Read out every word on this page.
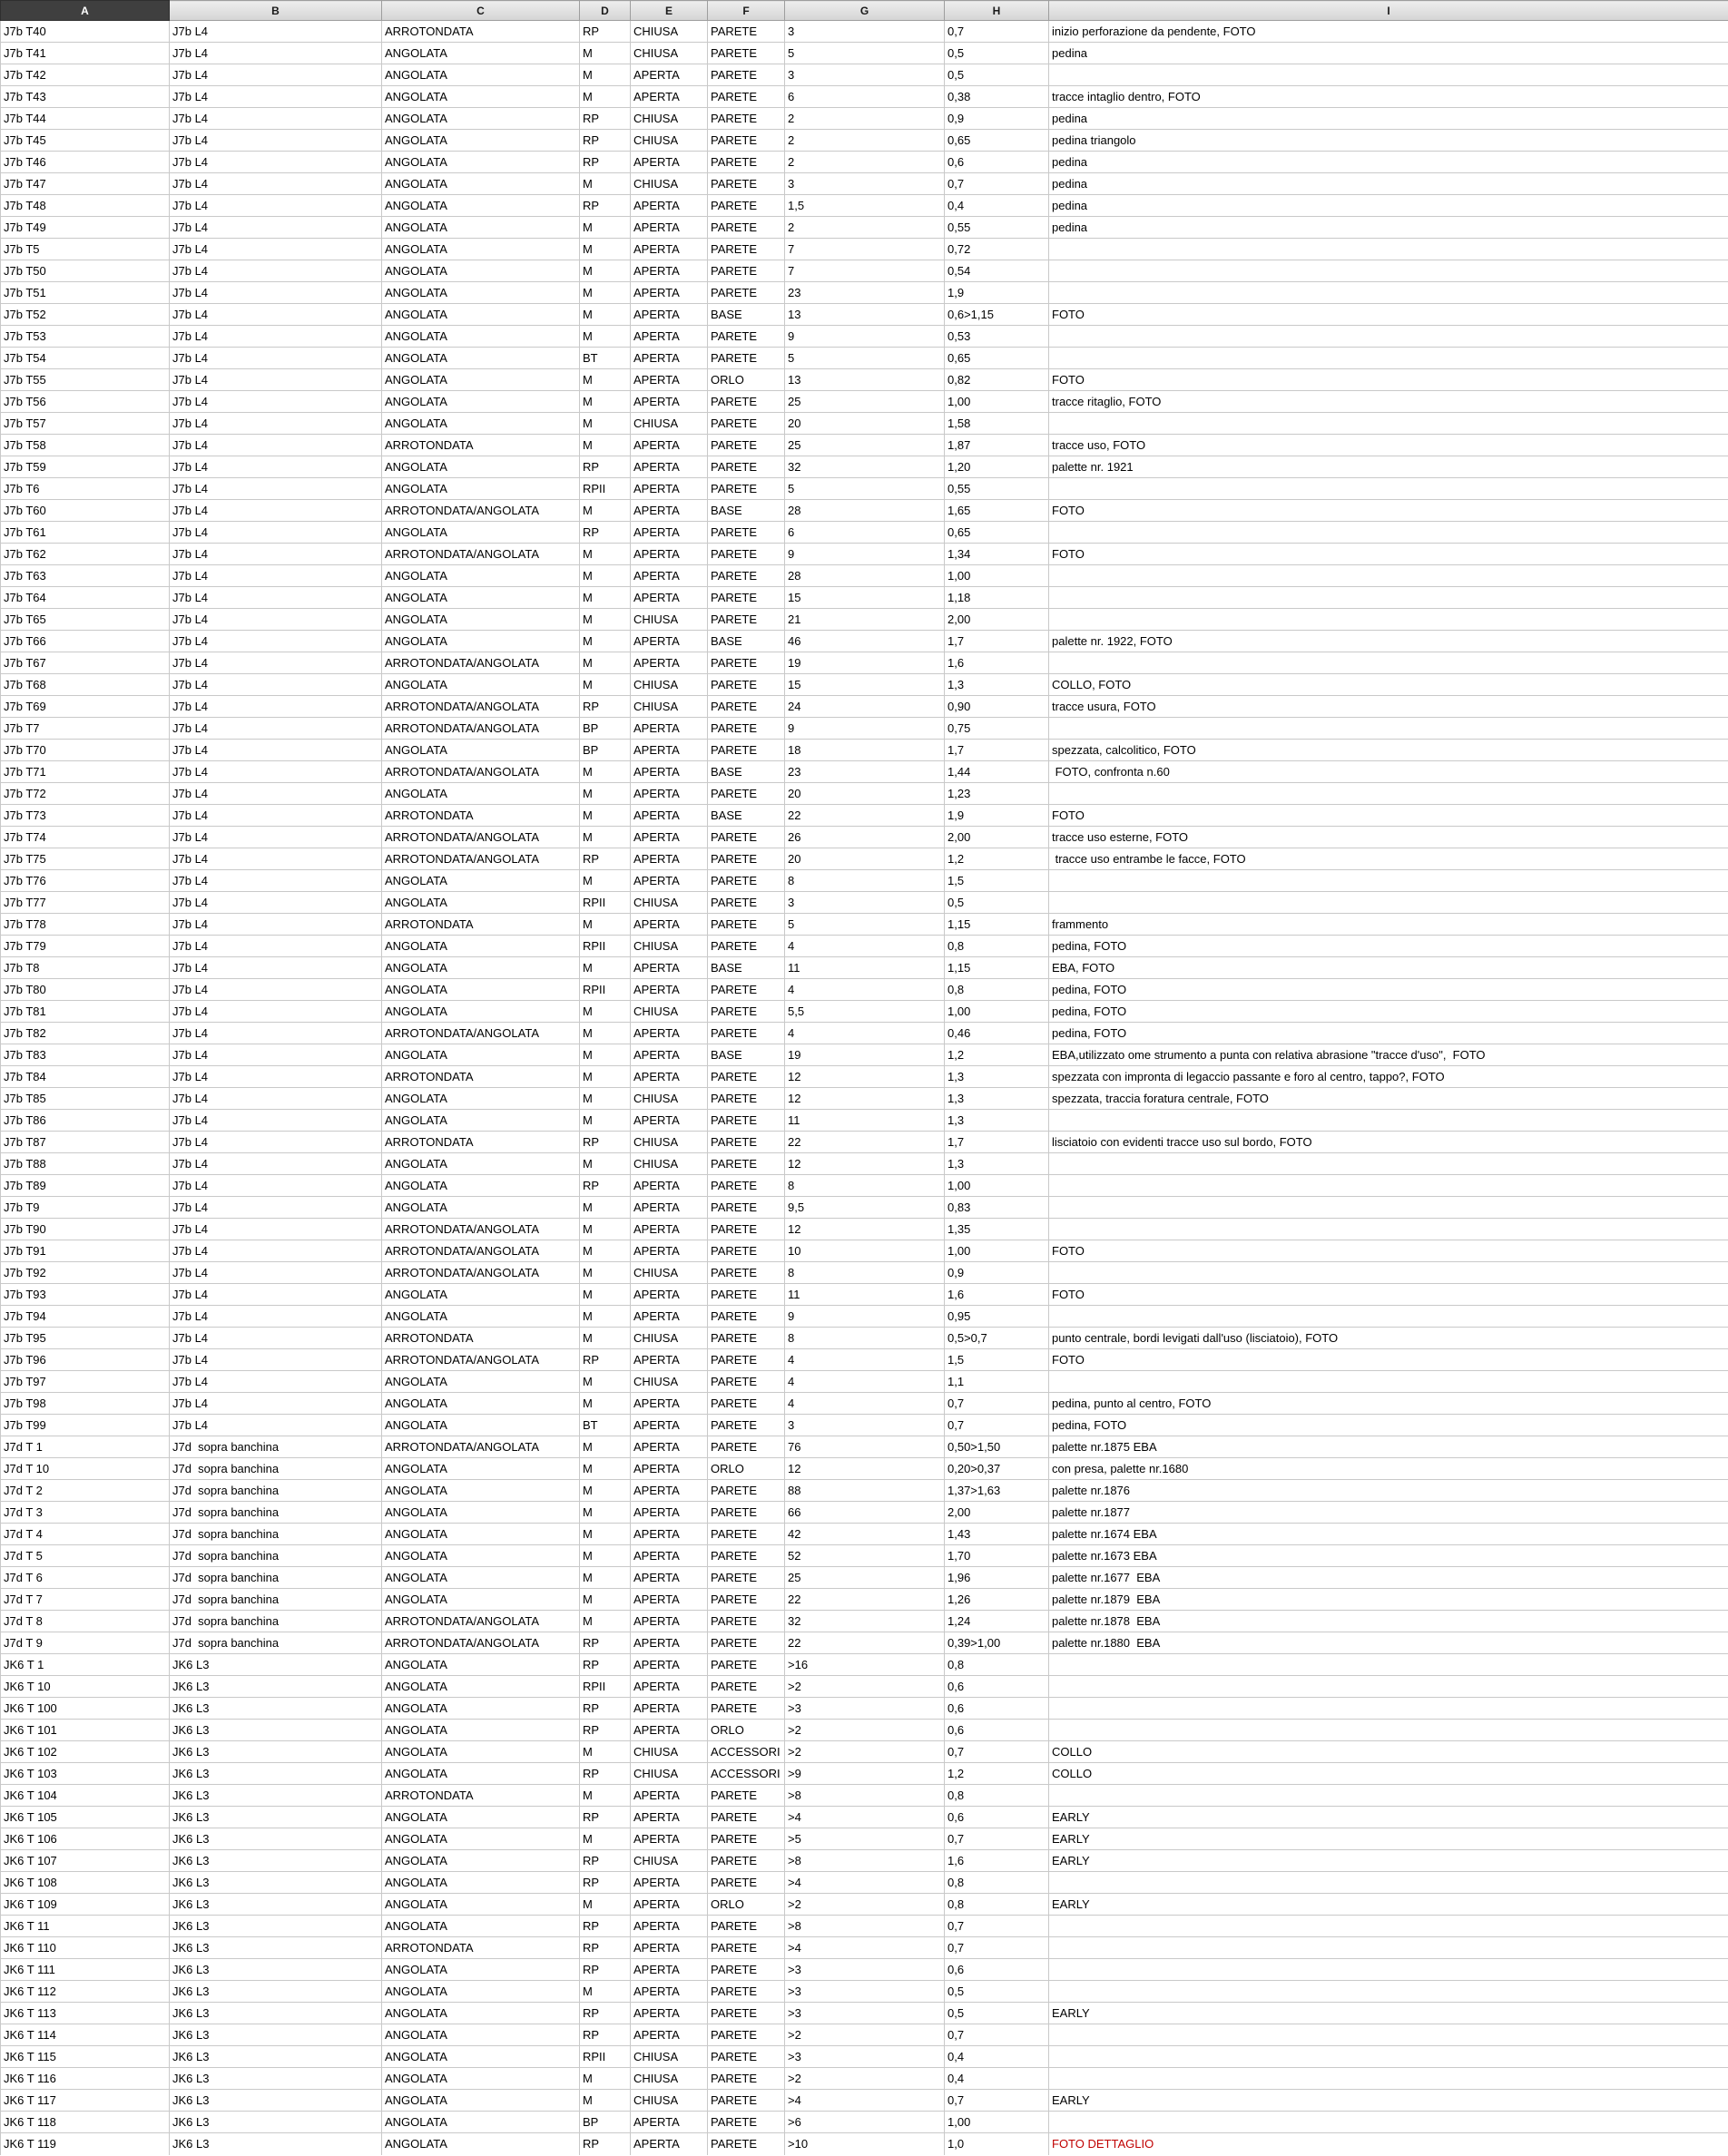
A	B	C	D	E	F	G	H	I
J7b T40	J7b L4	ARROTONDATA	RP	CHIUSA	PARETE	3	0,7	inizio perforazione da pendente, FOTO
J7b T41	J7b L4	ANGOLATA	M	CHIUSA	PARETE	5	0,5	pedina
J7b T42	J7b L4	ANGOLATA	M	APERTA	PARETE	3	0,5	
J7b T43	J7b L4	ANGOLATA	M	APERTA	PARETE	6	0,38	tracce intaglio dentro, FOTO
J7b T44	J7b L4	ANGOLATA	RP	CHIUSA	PARETE	2	0,9	pedina
J7b T45	J7b L4	ANGOLATA	RP	CHIUSA	PARETE	2	0,65	pedina triangolo
J7b T46	J7b L4	ANGOLATA	RP	APERTA	PARETE	2	0,6	pedina
J7b T47	J7b L4	ANGOLATA	M	CHIUSA	PARETE	3	0,7	pedina
J7b T48	J7b L4	ANGOLATA	RP	APERTA	PARETE	1,5	0,4	pedina
J7b T49	J7b L4	ANGOLATA	M	APERTA	PARETE	2	0,55	pedina
J7b T5	J7b L4	ANGOLATA	M	APERTA	PARETE	7	0,72	
J7b T50	J7b L4	ANGOLATA	M	APERTA	PARETE	7	0,54	
J7b T51	J7b L4	ANGOLATA	M	APERTA	PARETE	23	1,9	
J7b T52	J7b L4	ANGOLATA	M	APERTA	BASE	13	0,6>1,15	FOTO
J7b T53	J7b L4	ANGOLATA	M	APERTA	PARETE	9	0,53	
J7b T54	J7b L4	ANGOLATA	BT	APERTA	PARETE	5	0,65	
J7b T55	J7b L4	ANGOLATA	M	APERTA	ORLO	13	0,82	FOTO
J7b T56	J7b L4	ANGOLATA	M	APERTA	PARETE	25	1,00	tracce ritaglio, FOTO
J7b T57	J7b L4	ANGOLATA	M	CHIUSA	PARETE	20	1,58	
J7b T58	J7b L4	ARROTONDATA	M	APERTA	PARETE	25	1,87	tracce uso, FOTO
J7b T59	J7b L4	ANGOLATA	RP	APERTA	PARETE	32	1,20	palette nr. 1921
J7b T6	J7b L4	ANGOLATA	RPII	APERTA	PARETE	5	0,55	
J7b T60	J7b L4	ARROTONDATA/ANGOLATA	M	APERTA	BASE	28	1,65	FOTO
J7b T61	J7b L4	ANGOLATA	RP	APERTA	PARETE	6	0,65	
J7b T62	J7b L4	ARROTONDATA/ANGOLATA	M	APERTA	PARETE	9	1,34	FOTO
J7b T63	J7b L4	ANGOLATA	M	APERTA	PARETE	28	1,00	
J7b T64	J7b L4	ANGOLATA	M	APERTA	PARETE	15	1,18	
J7b T65	J7b L4	ANGOLATA	M	CHIUSA	PARETE	21	2,00	
J7b T66	J7b L4	ANGOLATA	M	APERTA	BASE	46	1,7	palette nr. 1922, FOTO
J7b T67	J7b L4	ARROTONDATA/ANGOLATA	M	APERTA	PARETE	19	1,6	
J7b T68	J7b L4	ANGOLATA	M	CHIUSA	PARETE	15	1,3	COLLO, FOTO
J7b T69	J7b L4	ARROTONDATA/ANGOLATA	RP	CHIUSA	PARETE	24	0,90	tracce usura, FOTO
J7b T7	J7b L4	ARROTONDATA/ANGOLATA	BP	APERTA	PARETE	9	0,75	
J7b T70	J7b L4	ANGOLATA	BP	APERTA	PARETE	18	1,7	spezzata, calcolitico, FOTO
J7b T71	J7b L4	ARROTONDATA/ANGOLATA	M	APERTA	BASE	23	1,44	FOTO, confronta n.60
J7b T72	J7b L4	ANGOLATA	M	APERTA	PARETE	20	1,23	
J7b T73	J7b L4	ARROTONDATA	M	APERTA	BASE	22	1,9	FOTO
J7b T74	J7b L4	ARROTONDATA/ANGOLATA	M	APERTA	PARETE	26	2,00	tracce uso esterne, FOTO
J7b T75	J7b L4	ARROTONDATA/ANGOLATA	RP	APERTA	PARETE	20	1,2	tracce uso entrambe le facce, FOTO
J7b T76	J7b L4	ANGOLATA	M	APERTA	PARETE	8	1,5	
J7b T77	J7b L4	ANGOLATA	RPII	CHIUSA	PARETE	3	0,5	
J7b T78	J7b L4	ARROTONDATA	M	APERTA	PARETE	5	1,15	frammento
J7b T79	J7b L4	ANGOLATA	RPII	CHIUSA	PARETE	4	0,8	pedina, FOTO
J7b T8	J7b L4	ANGOLATA	M	APERTA	BASE	11	1,15	EBA, FOTO
J7b T80	J7b L4	ANGOLATA	RPII	APERTA	PARETE	4	0,8	pedina, FOTO
J7b T81	J7b L4	ANGOLATA	M	CHIUSA	PARETE	5,5	1,00	pedina, FOTO
J7b T82	J7b L4	ARROTONDATA/ANGOLATA	M	APERTA	PARETE	4	0,46	pedina, FOTO
J7b T83	J7b L4	ANGOLATA	M	APERTA	BASE	19	1,2	EBA,utilizzato ome strumento a punta con relativa abrasione "tracce d'uso",  FOTO
J7b T84	J7b L4	ARROTONDATA	M	APERTA	PARETE	12	1,3	spezzata con impronta di legaccio passante e foro al centro, tappo?, FOTO
J7b T85	J7b L4	ANGOLATA	M	CHIUSA	PARETE	12	1,3	spezzata, traccia foratura centrale, FOTO
J7b T86	J7b L4	ANGOLATA	M	APERTA	PARETE	11	1,3	
J7b T87	J7b L4	ARROTONDATA	RP	CHIUSA	PARETE	22	1,7	lisciatoio con evidenti tracce uso sul bordo, FOTO
J7b T88	J7b L4	ANGOLATA	M	CHIUSA	PARETE	12	1,3	
J7b T89	J7b L4	ANGOLATA	RP	APERTA	PARETE	8	1,00	
J7b T9	J7b L4	ANGOLATA	M	APERTA	PARETE	9,5	0,83	
J7b T90	J7b L4	ARROTONDATA/ANGOLATA	M	APERTA	PARETE	12	1,35	
J7b T91	J7b L4	ARROTONDATA/ANGOLATA	M	APERTA	PARETE	10	1,00	FOTO
J7b T92	J7b L4	ARROTONDATA/ANGOLATA	M	CHIUSA	PARETE	8	0,9	
J7b T93	J7b L4	ANGOLATA	M	APERTA	PARETE	11	1,6	FOTO
J7b T94	J7b L4	ANGOLATA	M	APERTA	PARETE	9	0,95	
J7b T95	J7b L4	ARROTONDATA	M	CHIUSA	PARETE	8	0,5>0,7	punto centrale, bordi levigati dall'uso (lisciatoio), FOTO
J7b T96	J7b L4	ARROTONDATA/ANGOLATA	RP	APERTA	PARETE	4	1,5	FOTO
J7b T97	J7b L4	ANGOLATA	M	CHIUSA	PARETE	4	1,1	
J7b T98	J7b L4	ANGOLATA	M	APERTA	PARETE	4	0,7	pedina, punto al centro, FOTO
J7b T99	J7b L4	ANGOLATA	BT	APERTA	PARETE	3	0,7	pedina, FOTO
J7d T 1	J7d  sopra banchina	ARROTONDATA/ANGOLATA	M	APERTA	PARETE	76	0,50>1,50	palette nr.1875 EBA
J7d T 10	J7d  sopra banchina	ANGOLATA	M	APERTA	ORLO	12	0,20>0,37	con presa, palette nr.1680
J7d T 2	J7d  sopra banchina	ANGOLATA	M	APERTA	PARETE	88	1,37>1,63	palette nr.1876
J7d T 3	J7d  sopra banchina	ANGOLATA	M	APERTA	PARETE	66	2,00	palette nr.1877
J7d T 4	J7d  sopra banchina	ANGOLATA	M	APERTA	PARETE	42	1,43	palette nr.1674 EBA
J7d T 5	J7d  sopra banchina	ANGOLATA	M	APERTA	PARETE	52	1,70	palette nr.1673 EBA
J7d T 6	J7d  sopra banchina	ANGOLATA	M	APERTA	PARETE	25	1,96	palette nr.1677  EBA
J7d T 7	J7d  sopra banchina	ANGOLATA	M	APERTA	PARETE	22	1,26	palette nr.1879  EBA
J7d T 8	J7d  sopra banchina	ARROTONDATA/ANGOLATA	M	APERTA	PARETE	32	1,24	palette nr.1878  EBA
J7d T 9	J7d  sopra banchina	ARROTONDATA/ANGOLATA	RP	APERTA	PARETE	22	0,39>1,00	palette nr.1880  EBA
JK6 T 1	JK6 L3	ANGOLATA	RP	APERTA	PARETE	>16	0,8	
JK6 T 10	JK6 L3	ANGOLATA	RPII	APERTA	PARETE	>2	0,6	
JK6 T 100	JK6 L3	ANGOLATA	RP	APERTA	PARETE	>3	0,6	
JK6 T 101	JK6 L3	ANGOLATA	RP	APERTA	ORLO	>2	0,6	
JK6 T 102	JK6 L3	ANGOLATA	M	CHIUSA	ACCESSORI	>2	0,7	COLLO
JK6 T 103	JK6 L3	ANGOLATA	RP	CHIUSA	ACCESSORI	>9	1,2	COLLO
JK6 T 104	JK6 L3	ARROTONDATA	M	APERTA	PARETE	>8	0,8	
JK6 T 105	JK6 L3	ANGOLATA	RP	APERTA	PARETE	>4	0,6	EARLY
JK6 T 106	JK6 L3	ANGOLATA	M	APERTA	PARETE	>5	0,7	EARLY
JK6 T 107	JK6 L3	ANGOLATA	RP	CHIUSA	PARETE	>8	1,6	EARLY
JK6 T 108	JK6 L3	ANGOLATA	RP	APERTA	PARETE	>4	0,8	
JK6 T 109	JK6 L3	ANGOLATA	M	APERTA	ORLO	>2	0,8	EARLY
JK6 T 11	JK6 L3	ANGOLATA	RP	APERTA	PARETE	>8	0,7	
JK6 T 110	JK6 L3	ARROTONDATA	RP	APERTA	PARETE	>4	0,7	
JK6 T 111	JK6 L3	ANGOLATA	RP	APERTA	PARETE	>3	0,6	
JK6 T 112	JK6 L3	ANGOLATA	M	APERTA	PARETE	>3	0,5	
JK6 T 113	JK6 L3	ANGOLATA	RP	APERTA	PARETE	>3	0,5	EARLY
JK6 T 114	JK6 L3	ANGOLATA	RP	APERTA	PARETE	>2	0,7	
JK6 T 115	JK6 L3	ANGOLATA	RPII	CHIUSA	PARETE	>3	0,4	
JK6 T 116	JK6 L3	ANGOLATA	M	CHIUSA	PARETE	>2	0,4	
JK6 T 117	JK6 L3	ANGOLATA	M	CHIUSA	PARETE	>4	0,7	EARLY
JK6 T 118	JK6 L3	ANGOLATA	BP	APERTA	PARETE	>6	1,00	
JK6 T 119	JK6 L3	ANGOLATA	RP	APERTA	PARETE	>10	1,0	FOTO DETTAGLIO
